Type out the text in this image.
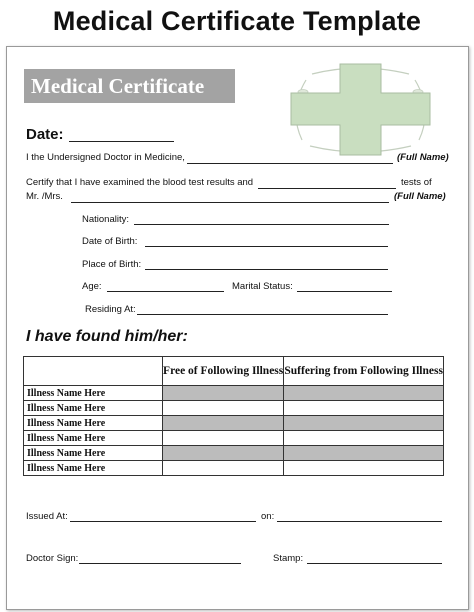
Medical Certificate Template
Medical Certificate
Date:
I the Undersigned Doctor in Medicine,	(Full Name)
Certify that I have examined the blood test results and	tests of
Mr. /Mrs.	(Full Name)
Nationality:
Date of Birth:
Place of Birth:
Age:	Marital Status:
Residing At:
I have found him/her:
	Free of Following Illness	Suffering from Following Illness
Illness Name Here		
Illness Name Here		
Illness Name Here		
Illness Name Here		
Illness Name Here		
Illness Name Here		
Issued At:	on:
Doctor Sign:	Stamp:
